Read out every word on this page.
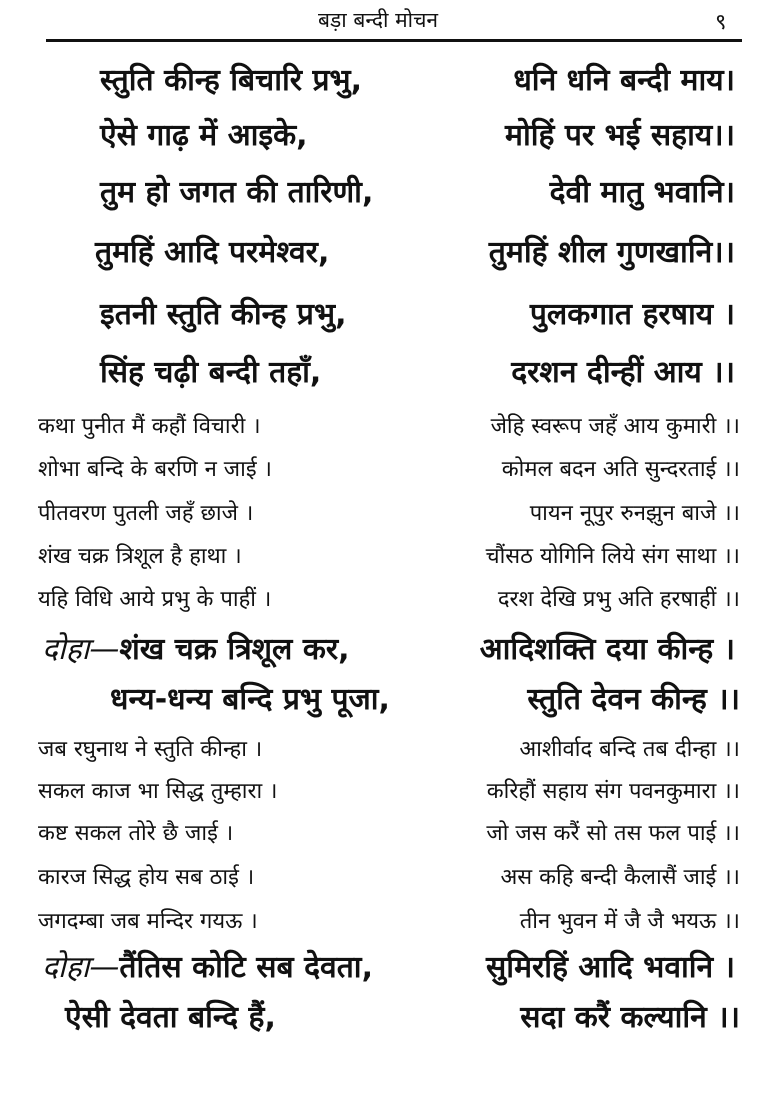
बड़ा बन्दी मोचन	९
स्तुति कीन्ह बिचारि प्रभु,	धनि धनि बन्दी माय।
ऐसे गाढ़ में आइके,	मोहिं पर भई सहाय।।
तुम हो जगत की तारिणी,	देवी मातु भवानि।
तुमहिं आदि परमेश्वर,	तुमहिं शील गुणखानि।।
इतनी स्तुति कीन्ह प्रभु,	पुलकगात हरषाय ।
सिंह चढ़ी बन्दी तहाँ,	दरशन दीन्हीं आय ।।
कथा पुनीत मैं कहौं विचारी ।	जेहि स्वरूप जहँ आय कुमारी ।।
शोभा बन्दि के बरणि न जाई ।	कोमल बदन अति सुन्दरताई ।।
पीतवरण पुतली जहँ छाजे ।	पायन नूपुर रुनझुन बाजे ।।
शंख चक्र त्रिशूल है हाथा ।	चौंसठ योगिनि लिये संग साथा ।।
यहि विधि आये प्रभु के पाहीं ।	दरश देखि प्रभु अति हरषाहीं ।।
दोहा—शंख चक्र त्रिशूल कर,	आदिशक्ति दया कीन्ह ।
धन्य-धन्य बन्दि प्रभु पूजा,	स्तुति देवन कीन्ह ।।
जब रघुनाथ ने स्तुति कीन्हा ।	आशीर्वाद बन्दि तब दीन्हा ।।
सकल काज भा सिद्ध तुम्हारा ।	करिहौं सहाय संग पवनकुमारा ।।
कष्ट सकल तोरे छै जाई ।	जो जस करैं सो तस फल पाई ।।
कारज सिद्ध होय सब ठाई ।	अस कहि बन्दी कैलासैं जाई ।।
जगदम्बा जब मन्दिर गयऊ ।	तीन भुवन में जै जै भयऊ ।।
दोहा—तैंतिस कोटि सब देवता,	सुमिरहिं आदि भवानि ।
ऐसी देवता बन्दि हैं,	सदा करैं कल्यानि ।।
